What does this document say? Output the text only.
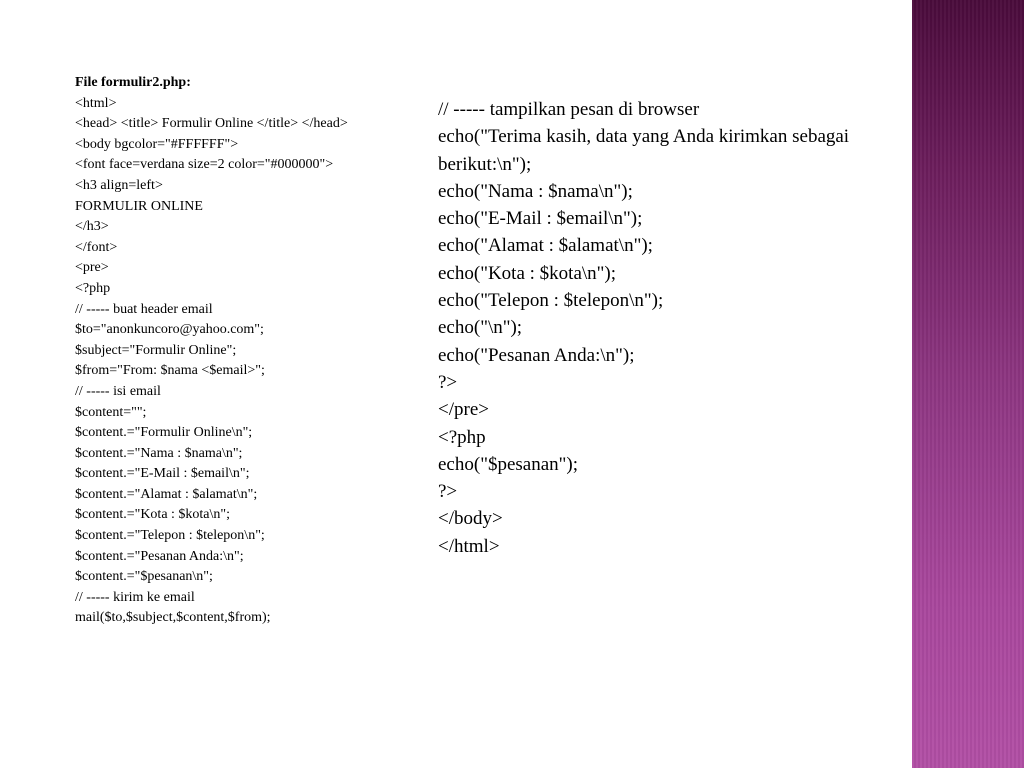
File formulir2.php:
<html>
<head> <title> Formulir Online </title> </head>
<body bgcolor="#FFFFFF">
<font face=verdana size=2 color="#000000">
<h3 align=left>
FORMULIR ONLINE
</h3>
</font>
<pre>
<?php
// ----- buat header email
$to="anonkuncoro@yahoo.com";
$subject="Formulir Online";
$from="From: $nama <$email>";
// ----- isi email
$content="";
$content.="Formulir Online\n";
$content.="Nama : $nama\n";
$content.="E-Mail : $email\n";
$content.="Alamat : $alamat\n";
$content.="Kota : $kota\n";
$content.="Telepon : $telepon\n";
$content.="Pesanan Anda:\n";
$content.="$pesanan\n";
// ----- kirim ke email
mail($to,$subject,$content,$from);
// ----- tampilkan pesan di browser
echo("Terima kasih, data yang Anda kirimkan sebagai
berikut:\n");
echo("Nama : $nama\n");
echo("E-Mail : $email\n");
echo("Alamat : $alamat\n");
echo("Kota : $kota\n");
echo("Telepon : $telepon\n");
echo("\n");
echo("Pesanan Anda:\n");
?>
</pre>
<?php
echo("$pesanan");
?>
</body>
</html>
